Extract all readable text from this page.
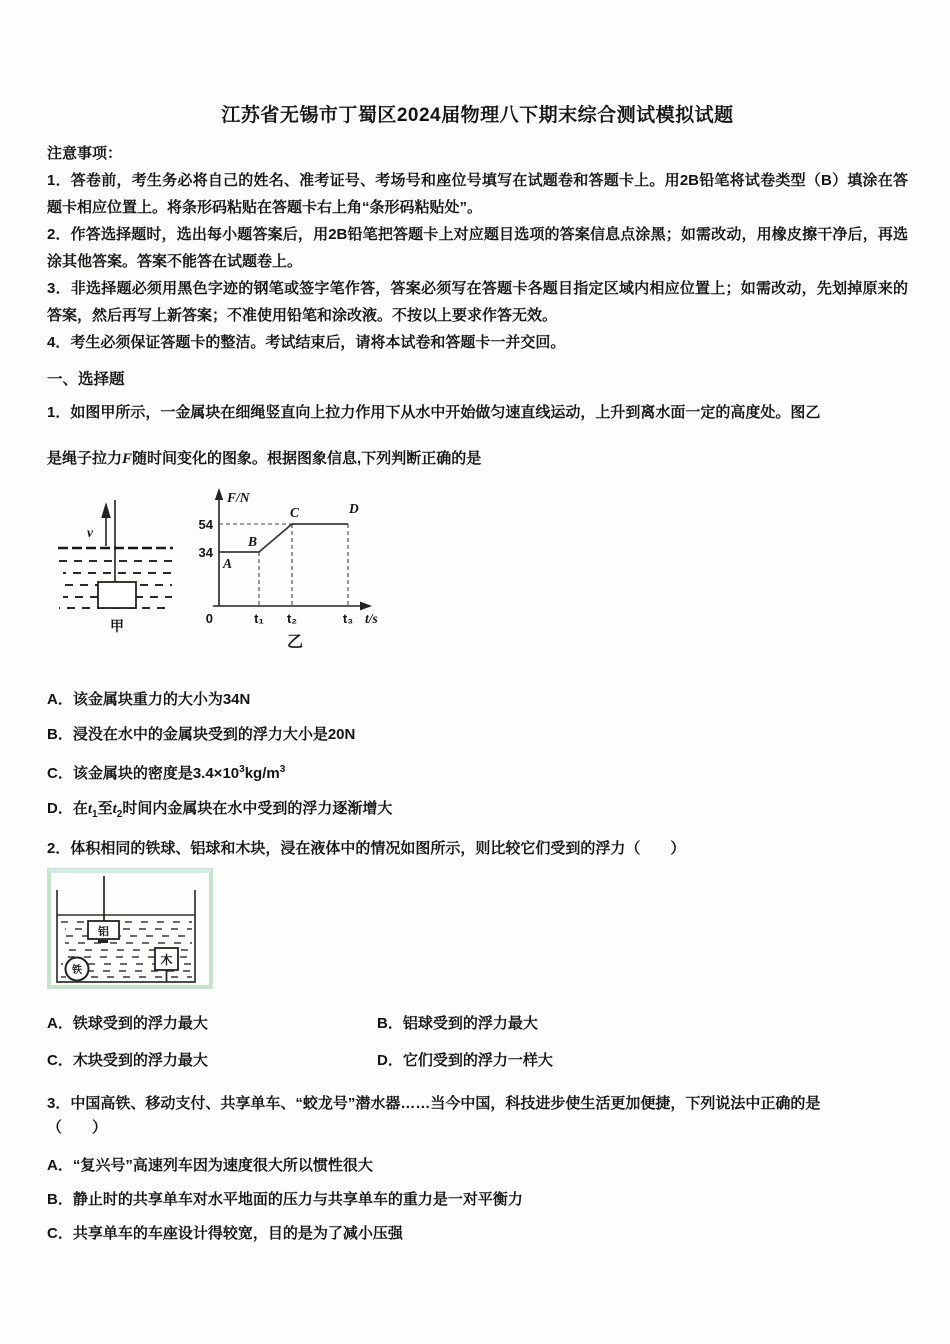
江苏省无锡市丁蜀区2024届物理八下期末综合测试模拟试题
注意事项：
1．答卷前，考生务必将自己的姓名、准考证号、考场号和座位号填写在试题卷和答题卡上。用2B铅笔将试卷类型（B）填涂在答题卡相应位置上。将条形码粘贴在答题卡右上角“条形码粘贴处”。
2．作答选择题时，选出每小题答案后，用2B铅笔把答题卡上对应题目选项的答案信息点涂黑；如需改动，用橡皮擦干净后，再选涂其他答案。答案不能答在试题卷上。
3．非选择题必须用黑色字迹的钢笔或签字笔作答，答案必须写在答题卡各题目指定区域内相应位置上；如需改动，先划掉原来的答案，然后再写上新答案；不准使用铅笔和涂改液。不按以上要求作答无效。
4．考生必须保证答题卡的整洁。考试结束后，请将本试卷和答题卡一并交回。
一、选择题
1．如图甲所示，一金属块在细绳竖直向上拉力作用下从水中开始做匀速直线运动，上升到离水面一定的高度处。图乙
是绳子拉力F随时间变化的图象。根据图象信息,下列判断正确的是
v
甲
F/N
54
34
A
B
C	D
0	t₁ t₂	t₃ t/s
乙
A．该金属块重力的大小为34N
B．浸没在水中的金属块受到的浮力大小是20N
C．该金属块的密度是$3.4\times 10^3kg/m^3$
D．在$t_1$至$t_2$时间内金属块在水中受到的浮力逐渐增大
2．体积相同的铁球、铝球和木块，浸在液体中的情况如图所示，则比较它们受到的浮力（　　）
铝
铁
木
A．铁球受到的浮力最大	B．铝球受到的浮力最大
C．木块受到的浮力最大	D．它们受到的浮力一样大
3．中国高铁、移动支付、共享单车、“蛟龙号”潜水器……当今中国，科技进步使生活更加便捷，下列说法中正确的是
（　　）
A．“复兴号”高速列车因为速度很大所以惯性很大
B．静止时的共享单车对水平地面的压力与共享单车的重力是一对平衡力
C．共享单车的车座设计得较宽，目的是为了减小压强
